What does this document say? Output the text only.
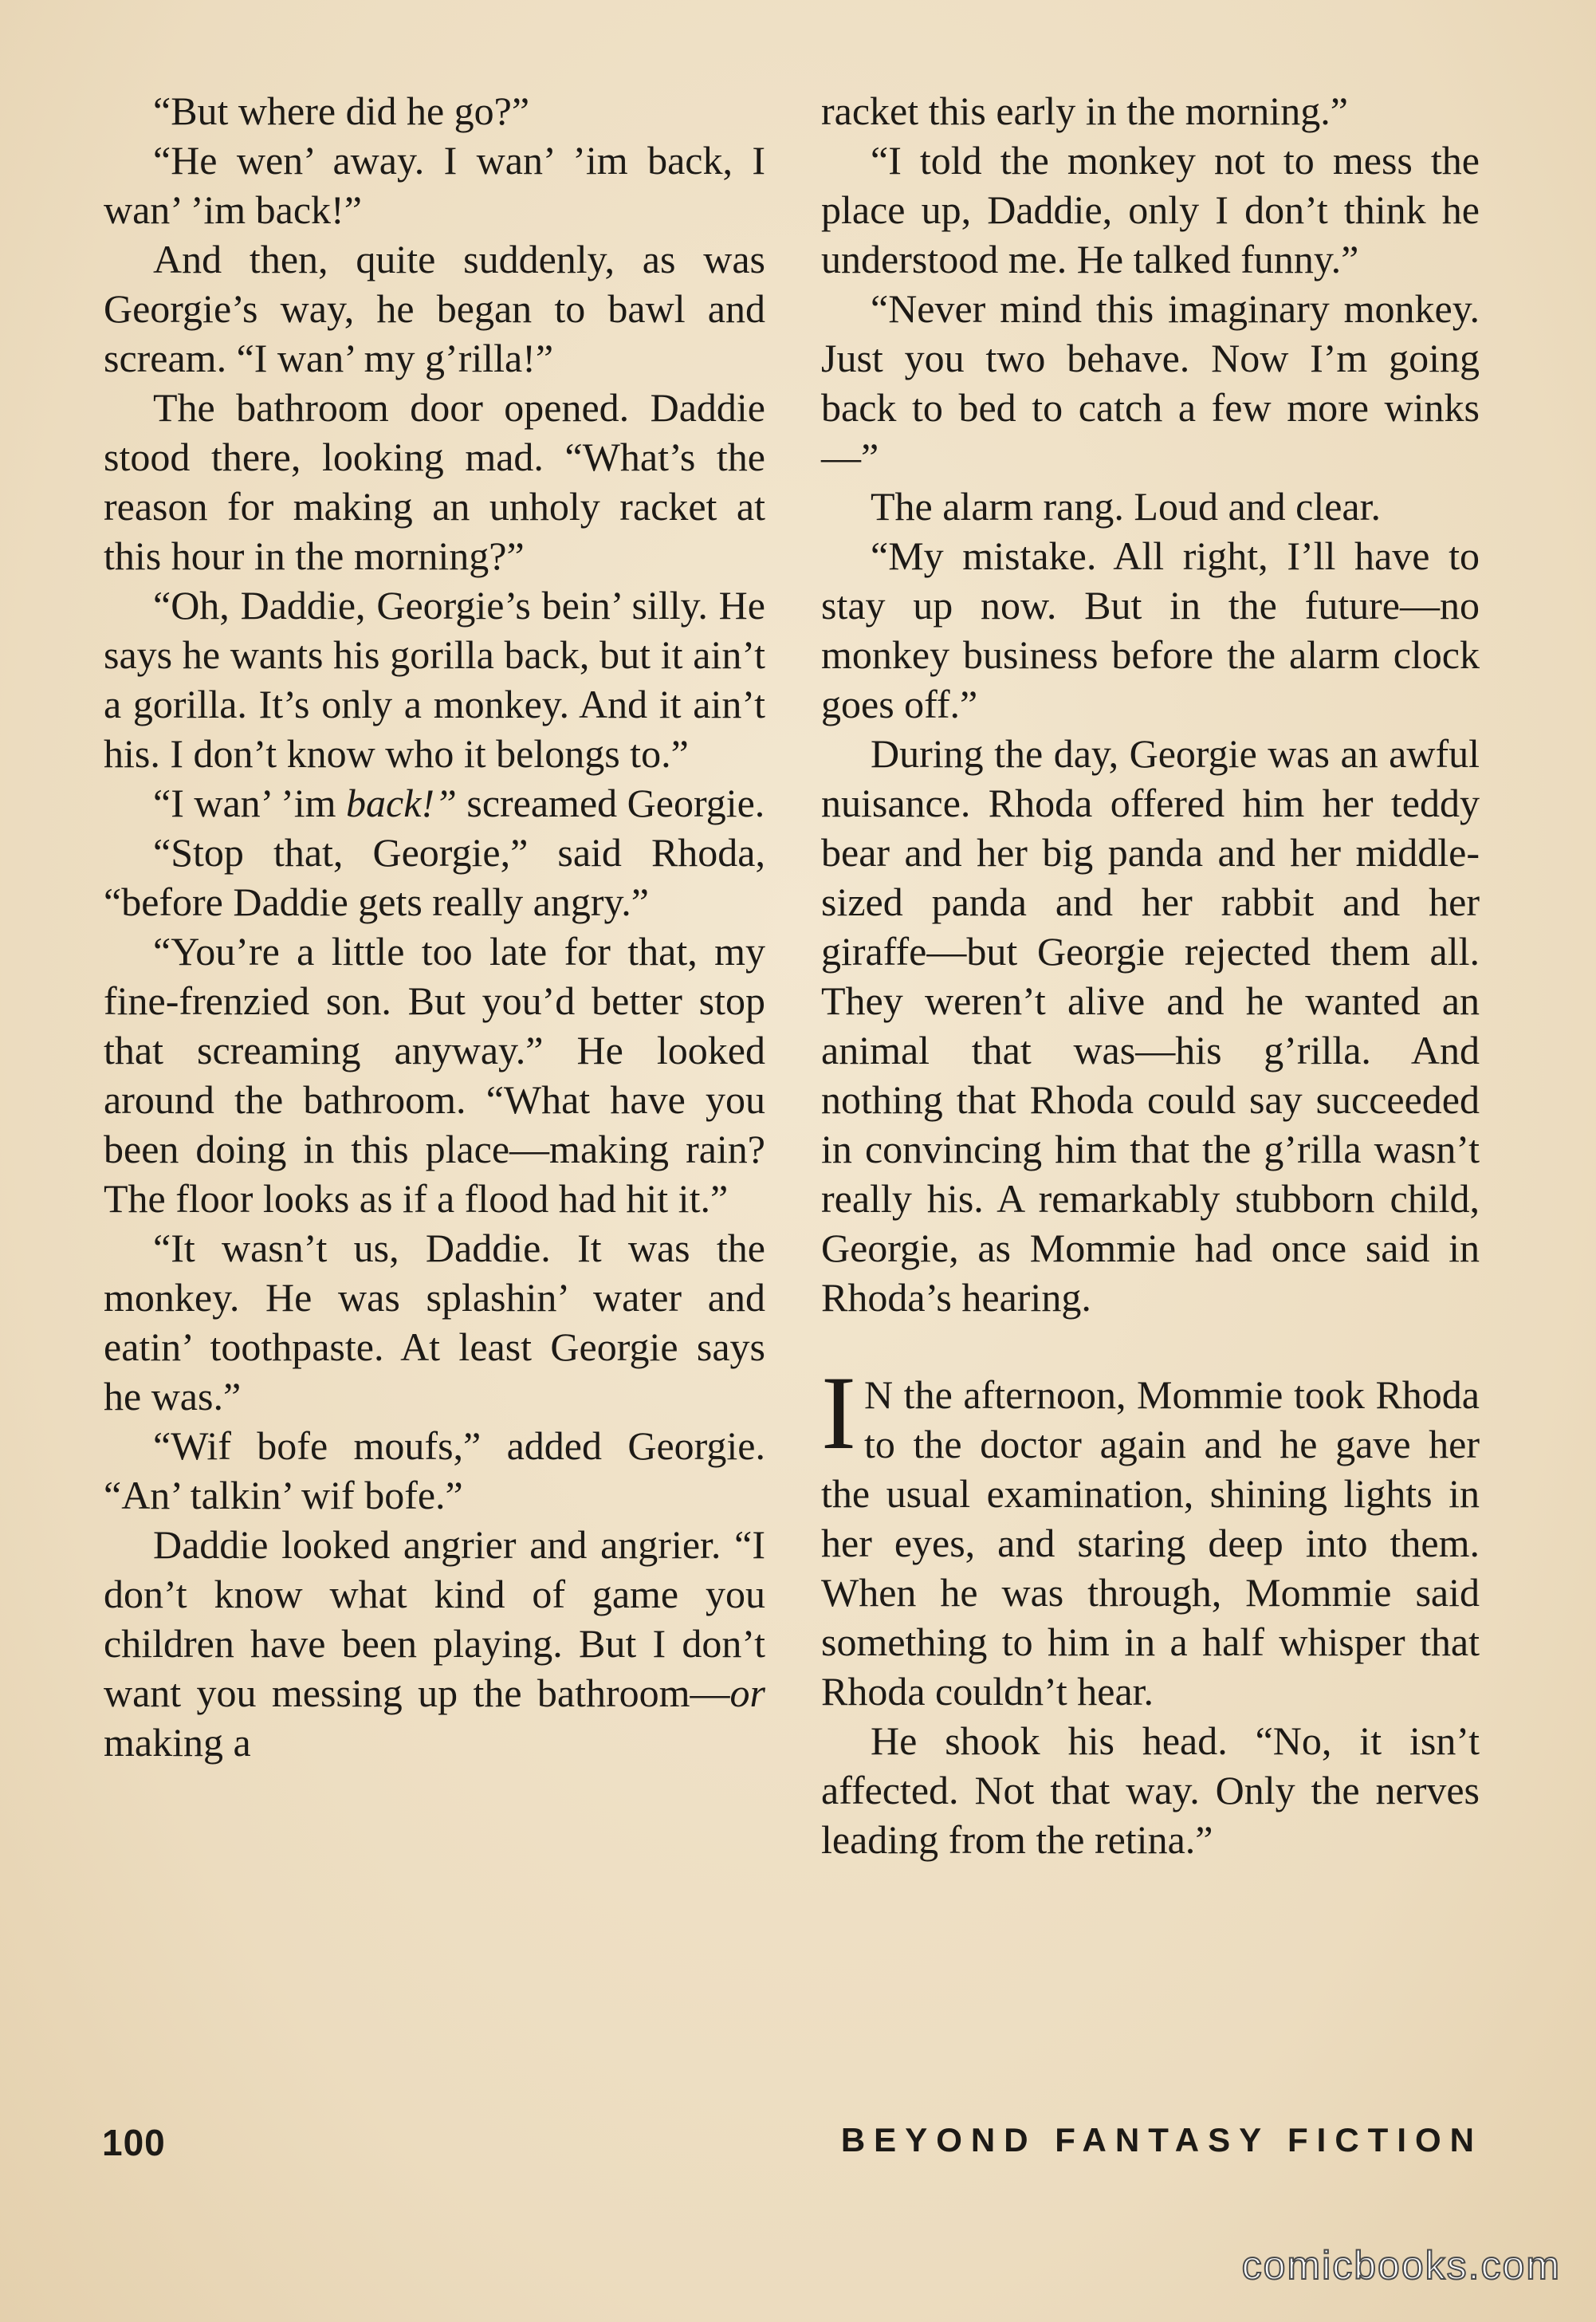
“But where did he go?”

“He wen’ away. I wan’ ’im back, I wan’ ’im back!”

And then, quite suddenly, as was Georgie’s way, he began to bawl and scream. “I wan’ my g’rilla!”

The bathroom door opened. Daddie stood there, looking mad. “What’s the reason for making an unholy racket at this hour in the morning?”

“Oh, Daddie, Georgie’s bein’ silly. He says he wants his gorilla back, but it ain’t a gorilla. It’s only a monkey. And it ain’t his. I don’t know who it belongs to.”

“I wan’ ’im back!” screamed Georgie.

“Stop that, Georgie,” said Rhoda, “before Daddie gets really angry.”

“You’re a little too late for that, my fine-frenzied son. But you’d better stop that screaming anyway.” He looked around the bathroom. “What have you been doing in this place—making rain? The floor looks as if a flood had hit it.”

“It wasn’t us, Daddie. It was the monkey. He was splashin’ water and eatin’ toothpaste. At least Georgie says he was.”

“Wif bofe moufs,” added Georgie. “An’ talkin’ wif bofe.”

Daddie looked angrier and angrier. “I don’t know what kind of game you children have been playing. But I don’t want you messing up the bathroom—or making a

racket this early in the morning.”

“I told the monkey not to mess the place up, Daddie, only I don’t think he understood me. He talked funny.”

“Never mind this imaginary monkey. Just you two behave. Now I’m going back to bed to catch a few more winks—”

The alarm rang. Loud and clear.

“My mistake. All right, I’ll have to stay up now. But in the future—no monkey business before the alarm clock goes off.”

During the day, Georgie was an awful nuisance. Rhoda offered him her teddy bear and her big panda and her middle-sized panda and her rabbit and her giraffe—but Georgie rejected them all. They weren’t alive and he wanted an animal that was—his g’rilla. And nothing that Rhoda could say succeeded in convincing him that the g’rilla wasn’t really his. A remarkably stubborn child, Georgie, as Mommie had once said in Rhoda’s hearing.

I N the afternoon, Mommie took Rhoda to the doctor again and he gave her the usual examination, shining lights in her eyes, and staring deep into them. When he was through, Mommie said something to him in a half whisper that Rhoda couldn’t hear.

He shook his head. “No, it isn’t affected. Not that way. Only the nerves leading from the retina.”

100	BEYOND FANTASY FICTION
comicbooks.com
